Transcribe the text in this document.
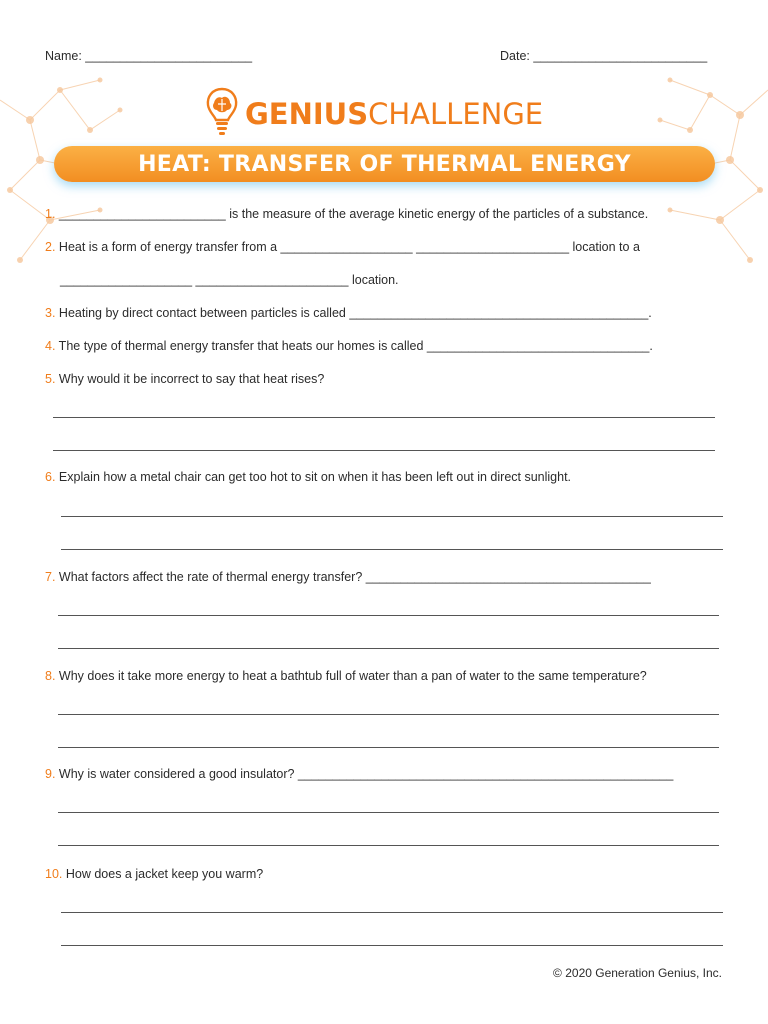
Name: ________________________	Date: _________________________
GENIUSCHALLENGE
HEAT: TRANSFER OF THERMAL ENERGY
1. ________________________ is the measure of the average kinetic energy of the particles of a substance.
2. Heat is a form of energy transfer from a ___________________ ______________________ location to a
___________________ ______________________ location.
3. Heating by direct contact between particles is called ___________________________________________.
4. The type of thermal energy transfer that heats our homes is called ________________________________.
5. Why would it be incorrect to say that heat rises?
6. Explain how a metal chair can get too hot to sit on when it has been left out in direct sunlight.
7. What factors affect the rate of thermal energy transfer? _________________________________________
8. Why does it take more energy to heat a bathtub full of water than a pan of water to the same temperature?
9. Why is water considered a good insulator? ______________________________________________________
10. How does a jacket keep you warm?
© 2020 Generation Genius, Inc.
